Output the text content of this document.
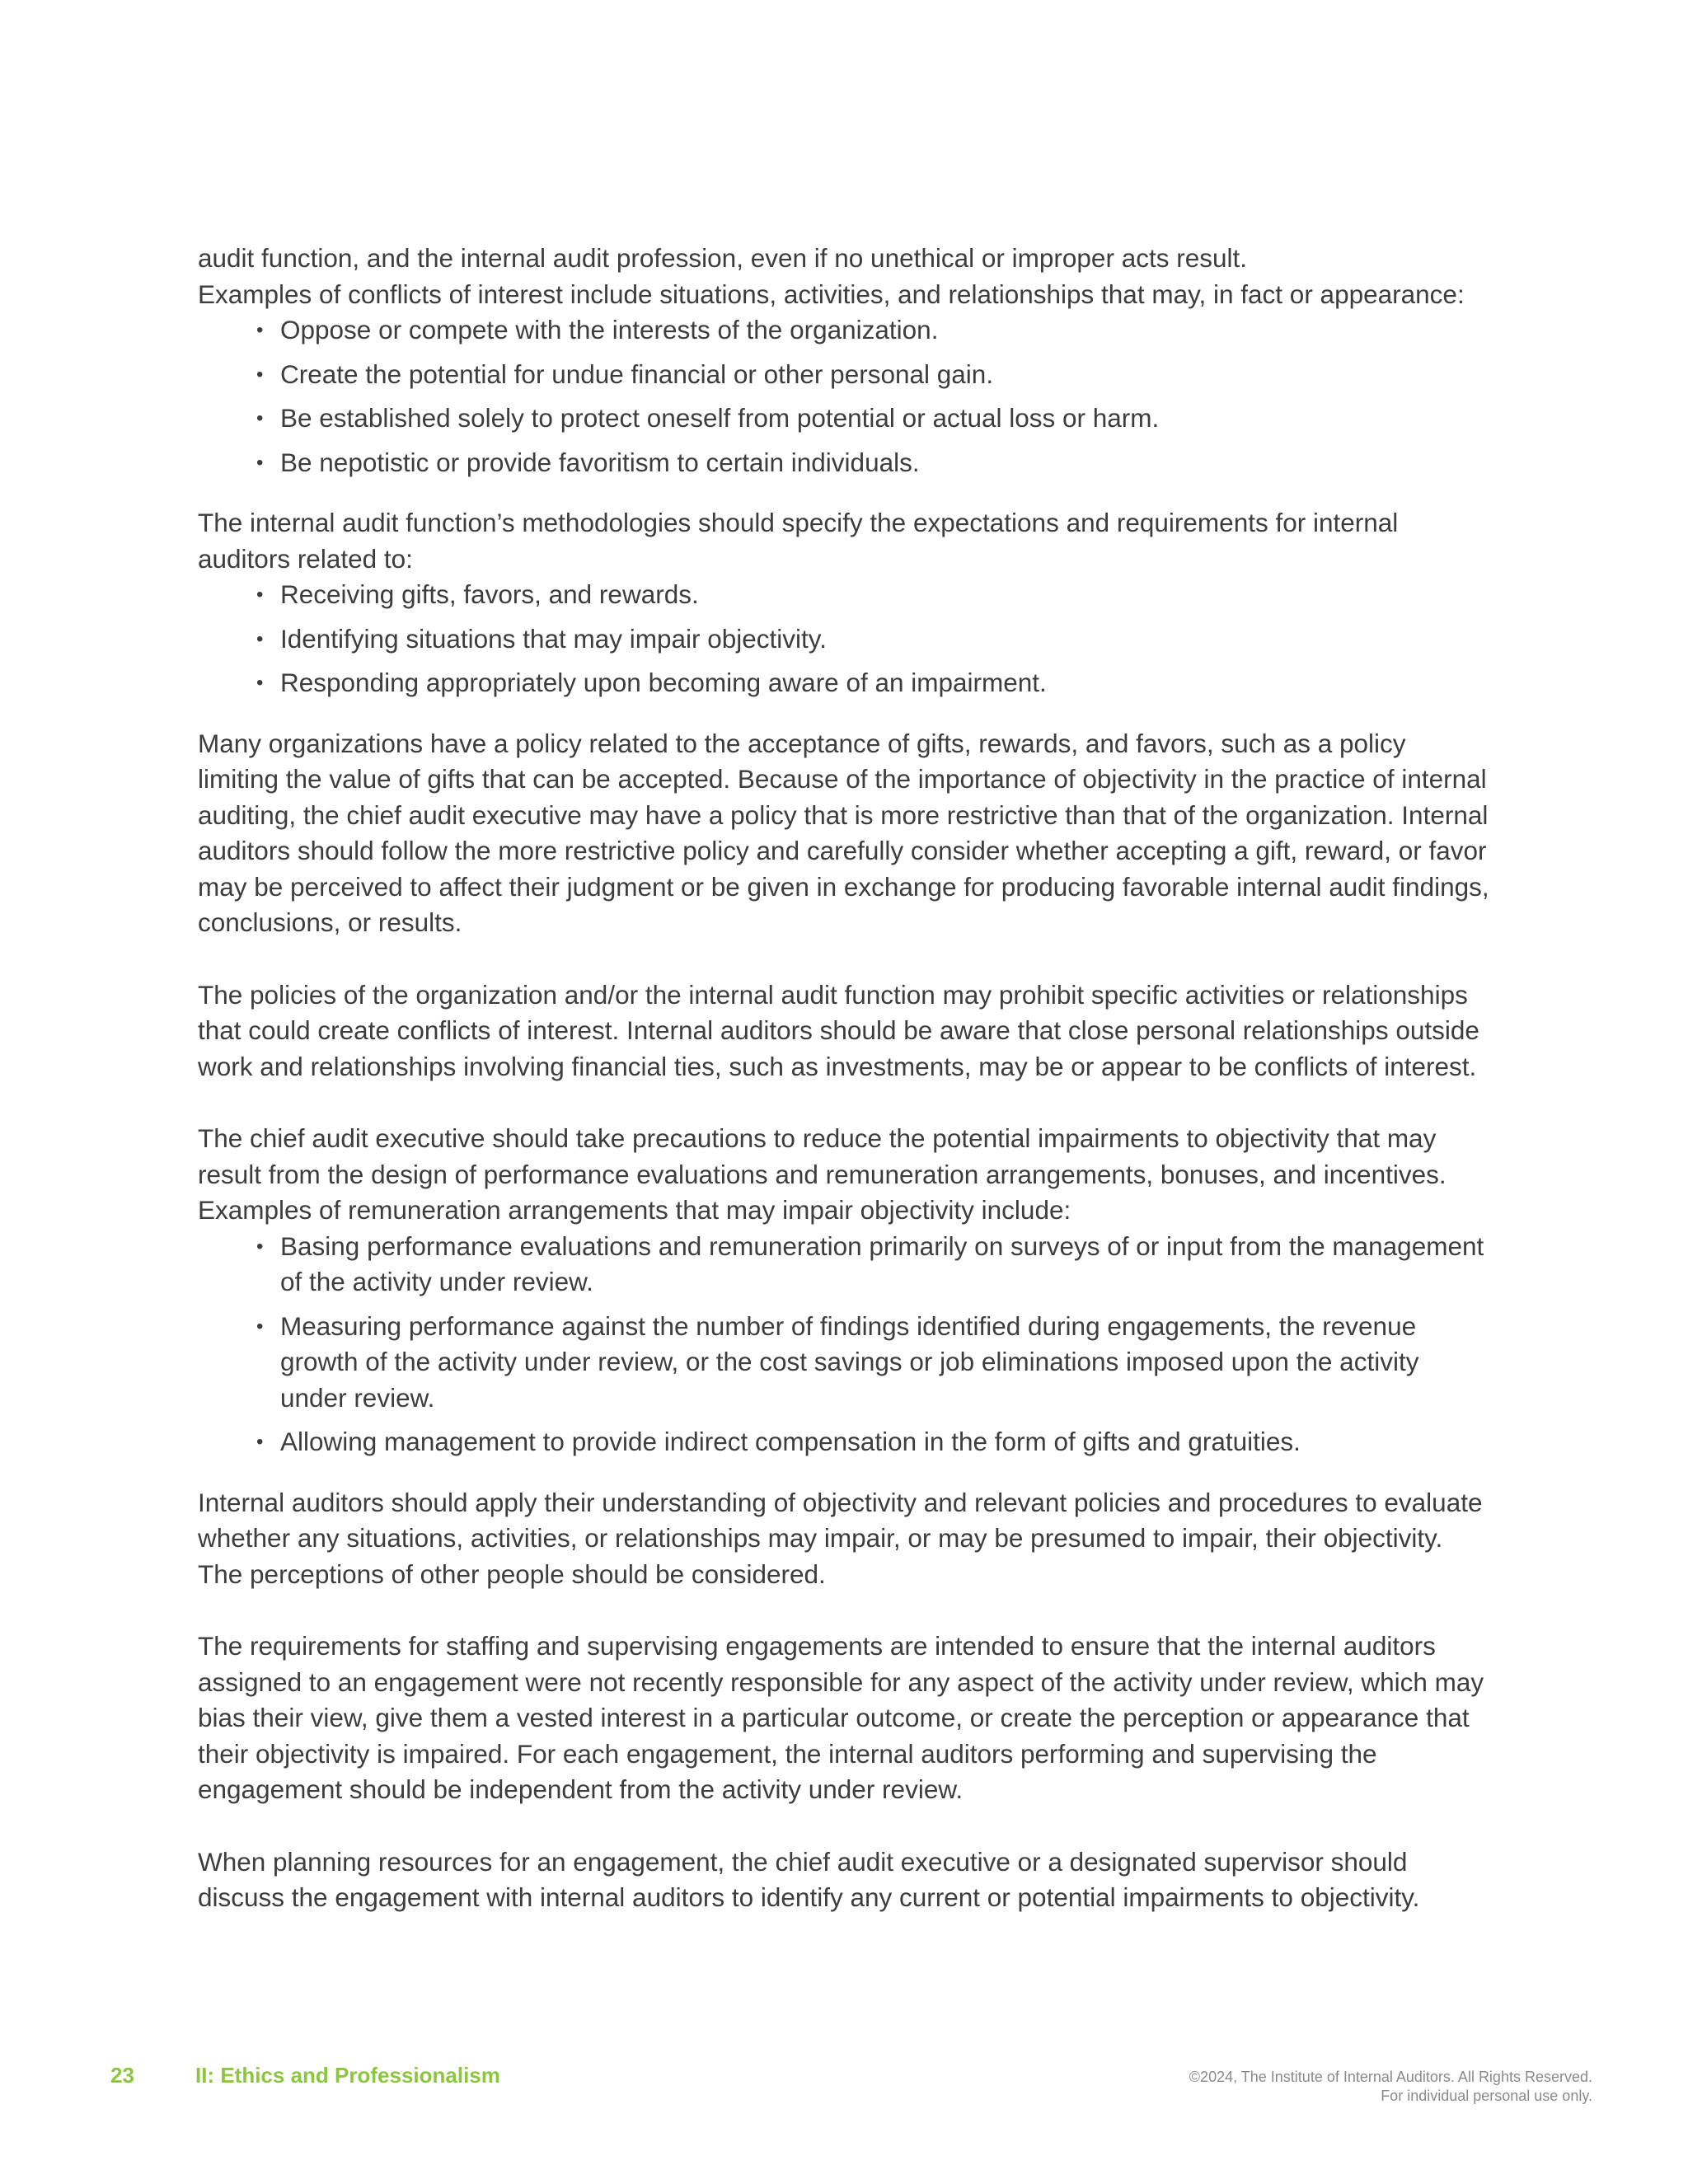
audit function, and the internal audit profession, even if no unethical or improper acts result.

Examples of conflicts of interest include situations, activities, and relationships that may, in fact or appearance:

• Oppose or compete with the interests of the organization.
• Create the potential for undue financial or other personal gain.
• Be established solely to protect oneself from potential or actual loss or harm.
• Be nepotistic or provide favoritism to certain individuals.

The internal audit function’s methodologies should specify the expectations and requirements for internal auditors related to:

• Receiving gifts, favors, and rewards.
• Identifying situations that may impair objectivity.
• Responding appropriately upon becoming aware of an impairment.

Many organizations have a policy related to the acceptance of gifts, rewards, and favors, such as a policy limiting the value of gifts that can be accepted. Because of the importance of objectivity in the practice of internal auditing, the chief audit executive may have a policy that is more restrictive than that of the organization. Internal auditors should follow the more restrictive policy and carefully consider whether accepting a gift, reward, or favor may be perceived to affect their judgment or be given in exchange for producing favorable internal audit findings, conclusions, or results.

The policies of the organization and/or the internal audit function may prohibit specific activities or relationships that could create conflicts of interest. Internal auditors should be aware that close personal relationships outside work and relationships involving financial ties, such as investments, may be or appear to be conflicts of interest.

The chief audit executive should take precautions to reduce the potential impairments to objectivity that may result from the design of performance evaluations and remuneration arrangements, bonuses, and incentives. Examples of remuneration arrangements that may impair objectivity include:

• Basing performance evaluations and remuneration primarily on surveys of or input from the management of the activity under review.
• Measuring performance against the number of findings identified during engagements, the revenue growth of the activity under review, or the cost savings or job eliminations imposed upon the activity under review.
• Allowing management to provide indirect compensation in the form of gifts and gratuities.

Internal auditors should apply their understanding of objectivity and relevant policies and procedures to evaluate whether any situations, activities, or relationships may impair, or may be presumed to impair, their objectivity. The perceptions of other people should be considered.

The requirements for staffing and supervising engagements are intended to ensure that the internal auditors assigned to an engagement were not recently responsible for any aspect of the activity under review, which may bias their view, give them a vested interest in a particular outcome, or create the perception or appearance that their objectivity is impaired. For each engagement, the internal auditors performing and supervising the engagement should be independent from the activity under review.

When planning resources for an engagement, the chief audit executive or a designated supervisor should discuss the engagement with internal auditors to identify any current or potential impairments to objectivity.

23	II: Ethics and Professionalism	©2024, The Institute of Internal Auditors. All Rights Reserved.
For individual personal use only.
